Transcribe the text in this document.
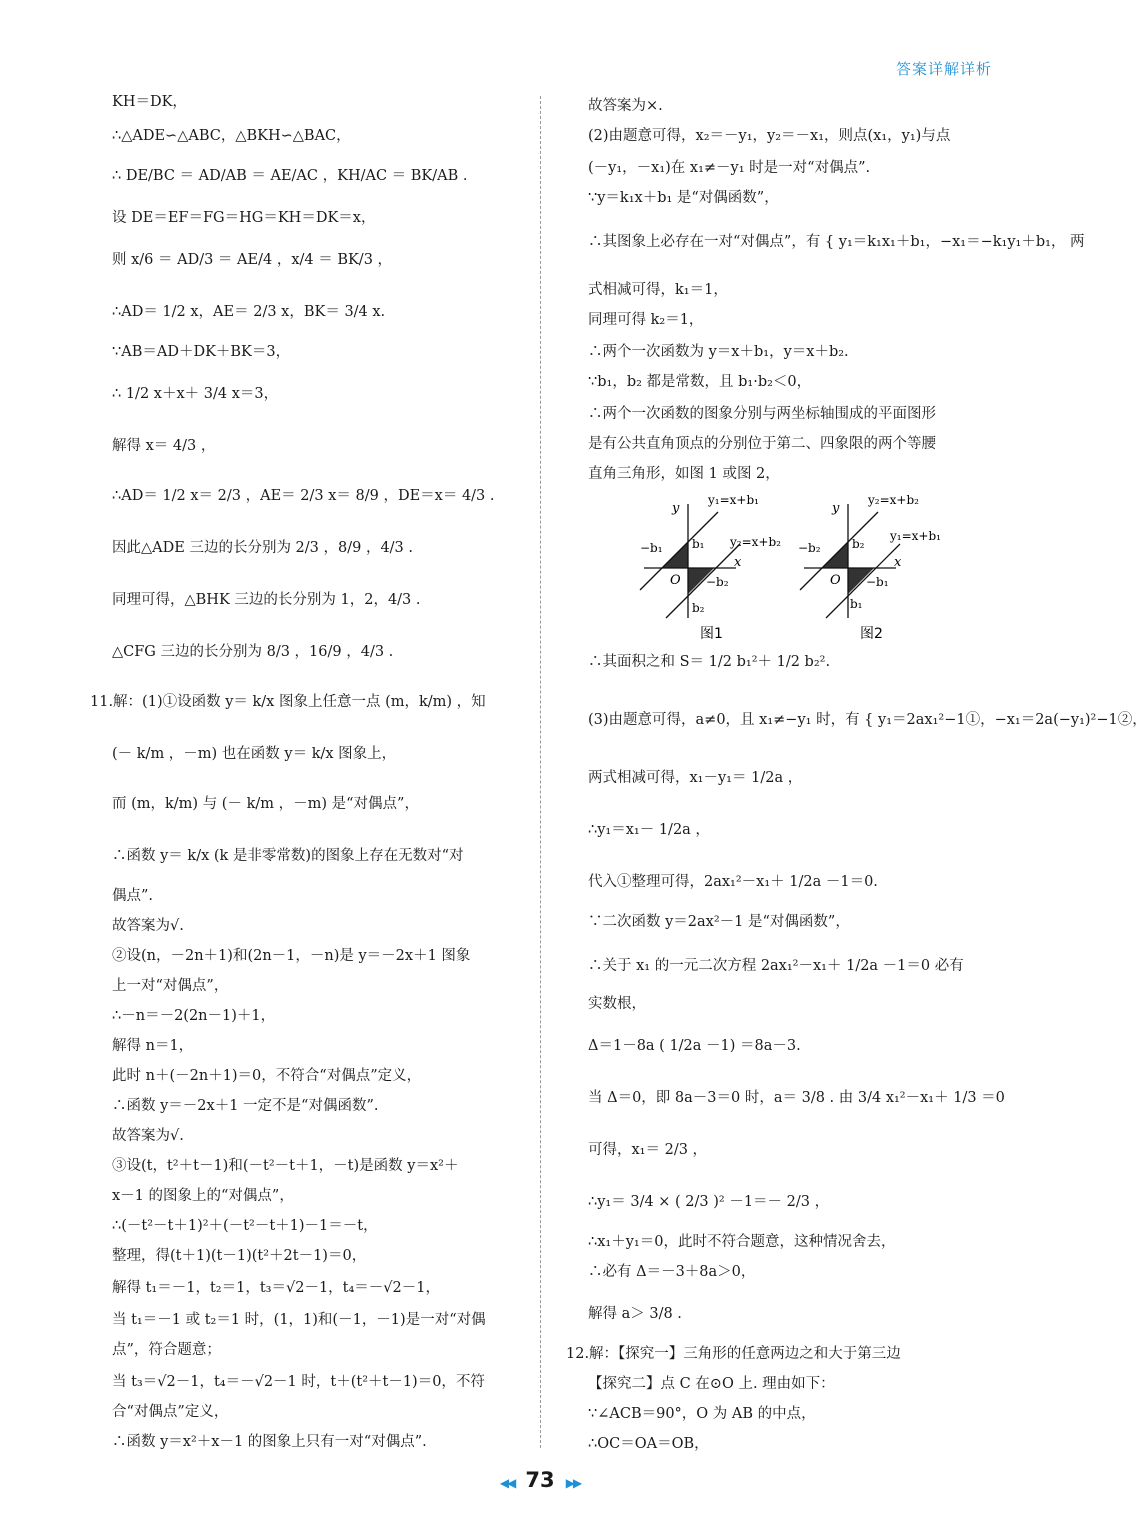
答案详解详析
KH＝DK，
∴△ADE∽△ABC，△BKH∽△BAC，
∴ DE/BC ＝ AD/AB ＝ AE/AC ，KH/AC ＝ BK/AB .
设 DE＝EF＝FG＝HG＝KH＝DK＝x，
则 x/6 ＝ AD/3 ＝ AE/4 ，x/4 ＝ BK/3 ，
∴AD＝ 1/2 x，AE＝ 2/3 x，BK＝ 3/4 x.
∵AB＝AD＋DK＋BK＝3，
∴ 1/2 x＋x＋ 3/4 x＝3，
解得 x＝ 4/3 ，
∴AD＝ 1/2 x＝ 2/3 ，AE＝ 2/3 x＝ 8/9 ，DE＝x＝ 4/3 .
因此△ADE 三边的长分别为 2/3 ，8/9 ，4/3 .
同理可得，△BHK 三边的长分别为 1，2，4/3 .
△CFG 三边的长分别为 8/3 ，16/9 ，4/3 .
11.解：(1)①设函数 y＝ k/x 图象上任意一点 (m，k/m) ，知
(－ k/m ，－m) 也在函数 y＝ k/x 图象上，
而 (m，k/m) 与 (－ k/m ，－m) 是“对偶点”，
∴函数 y＝ k/x (k 是非零常数)的图象上存在无数对“对
偶点”.
故答案为√.
②设(n，－2n＋1)和(2n－1，－n)是 y＝－2x＋1 图象
上一对“对偶点”，
∴－n＝－2(2n－1)＋1，
解得 n＝1，
此时 n＋(－2n＋1)＝0，不符合“对偶点”定义，
∴函数 y＝－2x＋1 一定不是“对偶函数”.
故答案为√.
③设(t，t²＋t－1)和(－t²－t＋1，－t)是函数 y＝x²＋
x－1 的图象上的“对偶点”，
∴(－t²－t＋1)²＋(－t²－t＋1)－1＝－t，
整理，得(t＋1)(t－1)(t²＋2t－1)＝0，
解得 t₁＝－1，t₂＝1，t₃＝√2－1，t₄＝－√2－1，
当 t₁＝－1 或 t₂＝1 时，(1，1)和(－1，－1)是一对“对偶
点”，符合题意；
当 t₃＝√2－1，t₄＝－√2－1 时，t＋(t²＋t－1)＝0，不符
合“对偶点”定义，
∴函数 y＝x²＋x－1 的图象上只有一对“对偶点”.
故答案为×.
(2)由题意可得，x₂＝－y₁，y₂＝－x₁，则点(x₁，y₁)与点
(－y₁，－x₁)在 x₁≠－y₁ 时是一对“对偶点”.
∵y＝k₁x＋b₁ 是“对偶函数”，
∴其图象上必存在一对“对偶点”，有 { y₁＝k₁x₁＋b₁，−x₁＝−k₁y₁＋b₁， 两
式相减可得，k₁＝1，
同理可得 k₂＝1，
∴两个一次函数为 y＝x＋b₁，y＝x＋b₂.
∵b₁，b₂ 都是常数，且 b₁·b₂＜0，
∴两个一次函数的图象分别与两坐标轴围成的平面图形
是有公共直角顶点的分别位于第二、四象限的两个等腰
直角三角形，如图 1 或图 2，
y
x
O
y₁=x+b₁
y₂=x+b₂
−b₁ b₁
−b₂
b₂
图1
y
x
O
y₂=x+b₂
y₁=x+b₁
−b₂	b₂
−b₁
b₁
图2
∴其面积之和 S＝ 1/2 b₁²＋ 1/2 b₂².
(3)由题意可得，a≠0，且 x₁≠−y₁ 时，有 { y₁＝2ax₁²−1①，−x₁＝2a(−y₁)²−1②，
两式相减可得，x₁－y₁＝ 1/2a ，
∴y₁＝x₁－ 1/2a ，
代入①整理可得，2ax₁²－x₁＋ 1/2a －1＝0.
∵二次函数 y＝2ax²－1 是“对偶函数”，
∴关于 x₁ 的一元二次方程 2ax₁²－x₁＋ 1/2a －1＝0 必有
实数根，
Δ＝1－8a ( 1/2a －1) ＝8a－3.
当 Δ＝0，即 8a－3＝0 时，a＝ 3/8 . 由 3/4 x₁²－x₁＋ 1/3 ＝0
可得，x₁＝ 2/3 ，
∴y₁＝ 3/4 × ( 2/3 )² －1＝－ 2/3 ，
∴x₁＋y₁＝0，此时不符合题意，这种情况舍去，
∴必有 Δ＝－3＋8a＞0，
解得 a＞ 3/8 .
12.解：【探究一】三角形的任意两边之和大于第三边
【探究二】点 C 在⊙O 上. 理由如下：
∵∠ACB＝90°，O 为 AB 的中点，
∴OC＝OA＝OB，
◀◀ 73 ▶▶
